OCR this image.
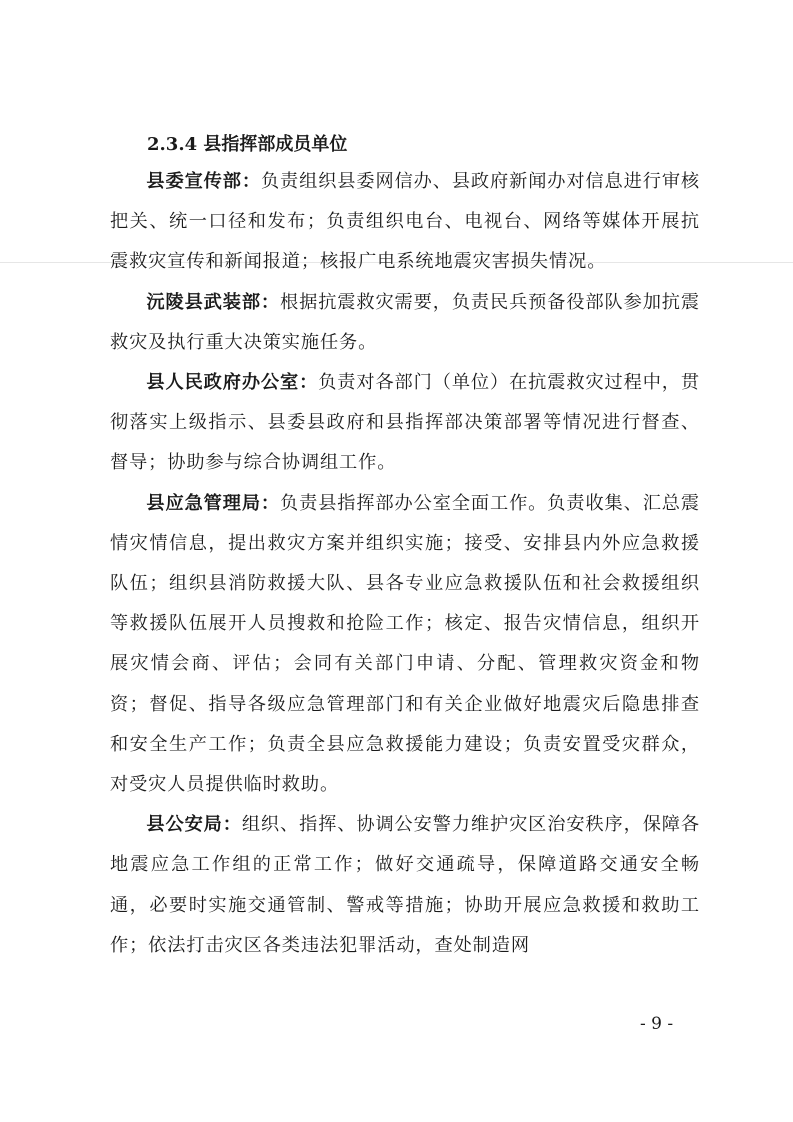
2.3.4 县指挥部成员单位

县委宣传部：负责组织县委网信办、县政府新闻办对信息进行审核把关、统一口径和发布；负责组织电台、电视台、网络等媒体开展抗震救灾宣传和新闻报道；核报广电系统地震灾害损失情况。

沅陵县武装部：根据抗震救灾需要，负责民兵预备役部队参加抗震救灾及执行重大决策实施任务。

县人民政府办公室：负责对各部门（单位）在抗震救灾过程中，贯彻落实上级指示、县委县政府和县指挥部决策部署等情况进行督查、督导；协助参与综合协调组工作。

县应急管理局：负责县指挥部办公室全面工作。负责收集、汇总震情灾情信息，提出救灾方案并组织实施；接受、安排县内外应急救援队伍；组织县消防救援大队、县各专业应急救援队伍和社会救援组织等救援队伍展开人员搜救和抢险工作；核定、报告灾情信息，组织开展灾情会商、评估；会同有关部门申请、分配、管理救灾资金和物资；督促、指导各级应急管理部门和有关企业做好地震灾后隐患排查和安全生产工作；负责全县应急救援能力建设；负责安置受灾群众，对受灾人员提供临时救助。

县公安局：组织、指挥、协调公安警力维护灾区治安秩序，保障各地震应急工作组的正常工作；做好交通疏导，保障道路交通安全畅通，必要时实施交通管制、警戒等措施；协助开展应急救援和救助工作；依法打击灾区各类违法犯罪活动，查处制造网

- 9 -
